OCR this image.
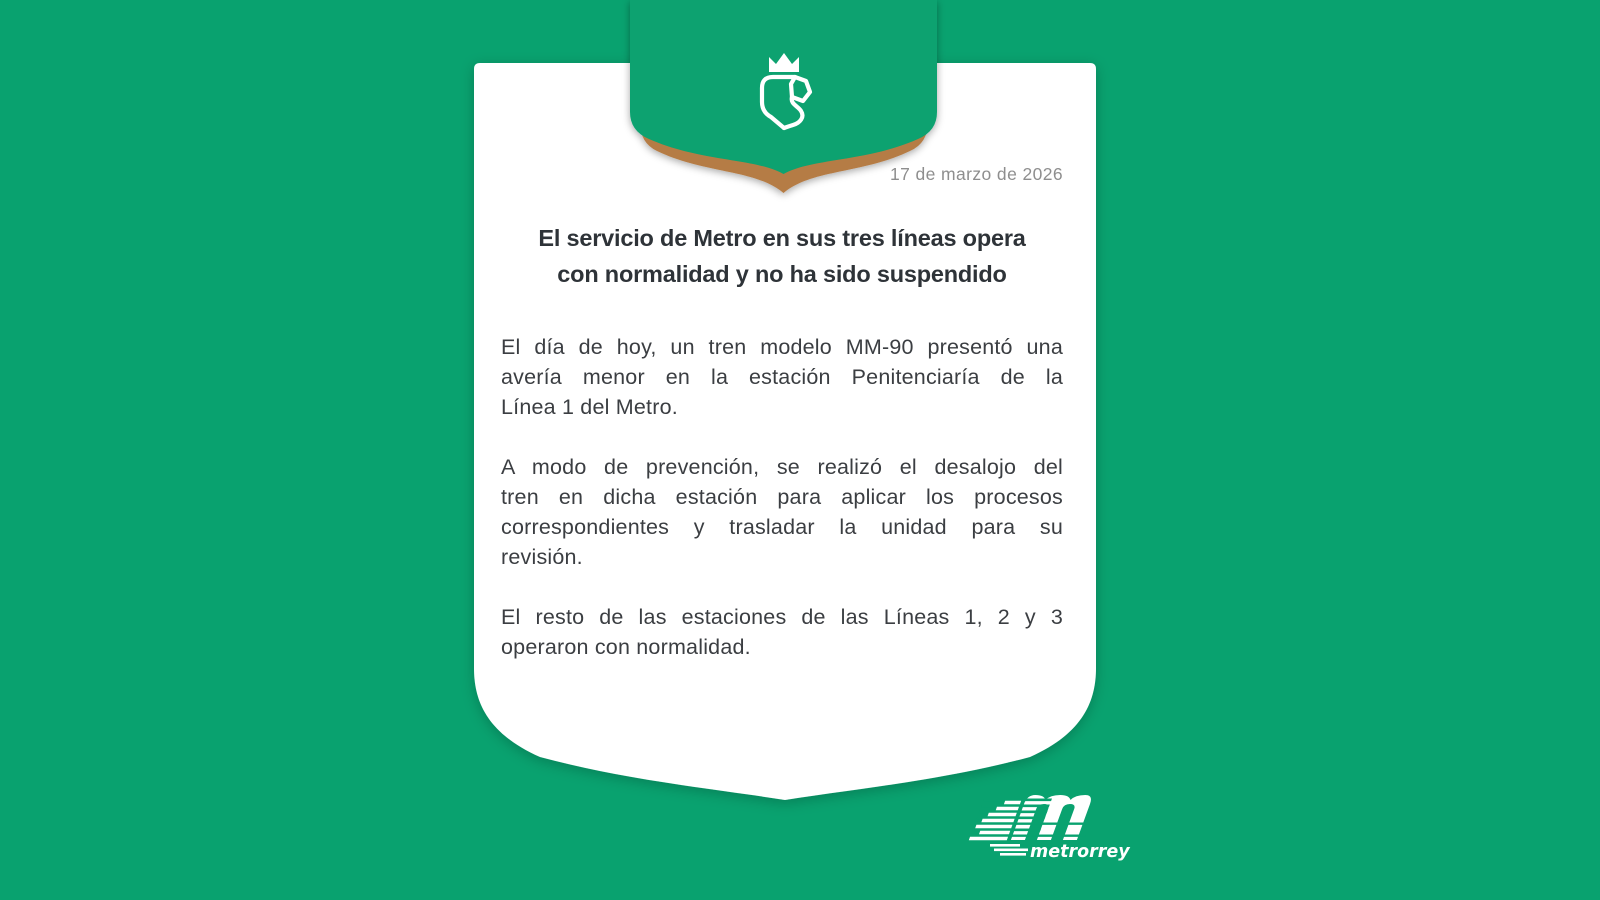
metrorrey
17 de marzo de 2026
El servicio de Metro en sus tres líneas opera
con normalidad y no ha sido suspendido
El día de hoy, un tren modelo MM-90 presentó una
avería menor en la estación Penitenciaría de la
Línea 1 del Metro.
A modo de prevención, se realizó el desalojo del
tren en dicha estación para aplicar los procesos
correspondientes y trasladar la unidad para su
revisión.
El resto de las estaciones de las Líneas 1, 2 y 3
operaron con normalidad.
